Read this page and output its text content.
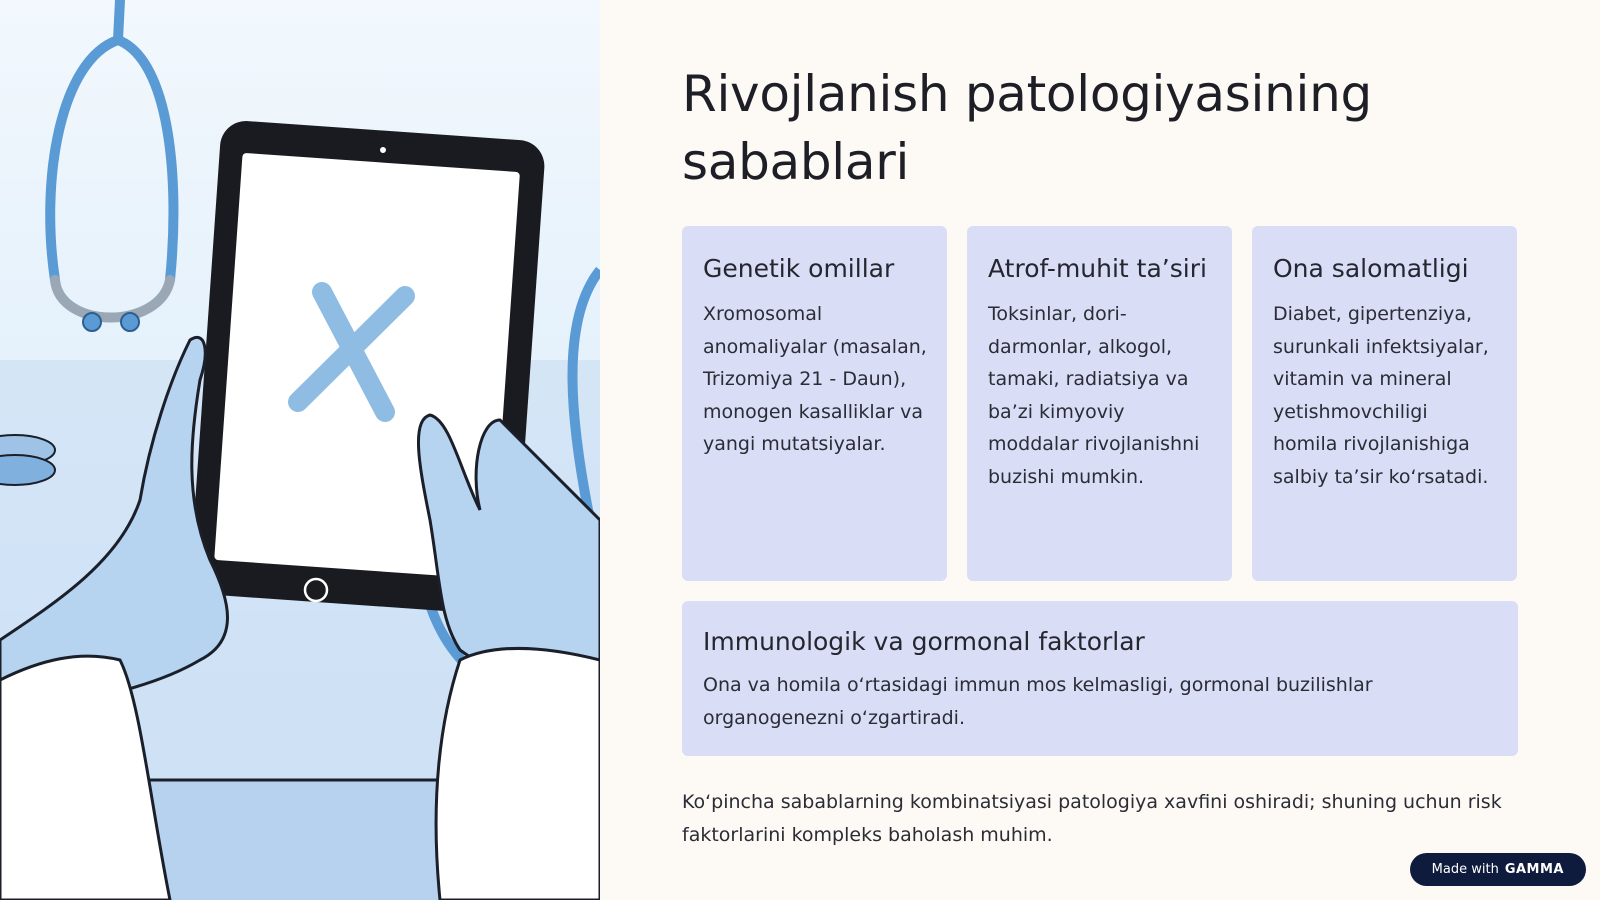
Rivojlanish patologiyasining sabablari
Genetik omillar
Xromosomal anomaliyalar (masalan, Trizomiya 21 - Daun), monogen kasalliklar va yangi mutatsiyalar.
Atrof-muhit ta’siri
Toksinlar, dori-darmonlar, alkogol, tamaki, radiatsiya va ba’zi kimyoviy moddalar rivojlanishni buzishi mumkin.
Ona salomatligi
Diabet, gipertenziya, surunkali infektsiyalar, vitamin va mineral yetishmovchiligi homila rivojlanishiga salbiy ta’sir ko‘rsatadi.
Immunologik va gormonal faktorlar
Ona va homila o‘rtasidagi immun mos kelmasligi, gormonal buzilishlar organogenezni o‘zgartiradi.

Ko‘pincha sabablarning kombinatsiyasi patologiya xavfini oshiradi; shuning uchun risk faktorlarini kompleks baholash muhim.

Made with GAMMA
